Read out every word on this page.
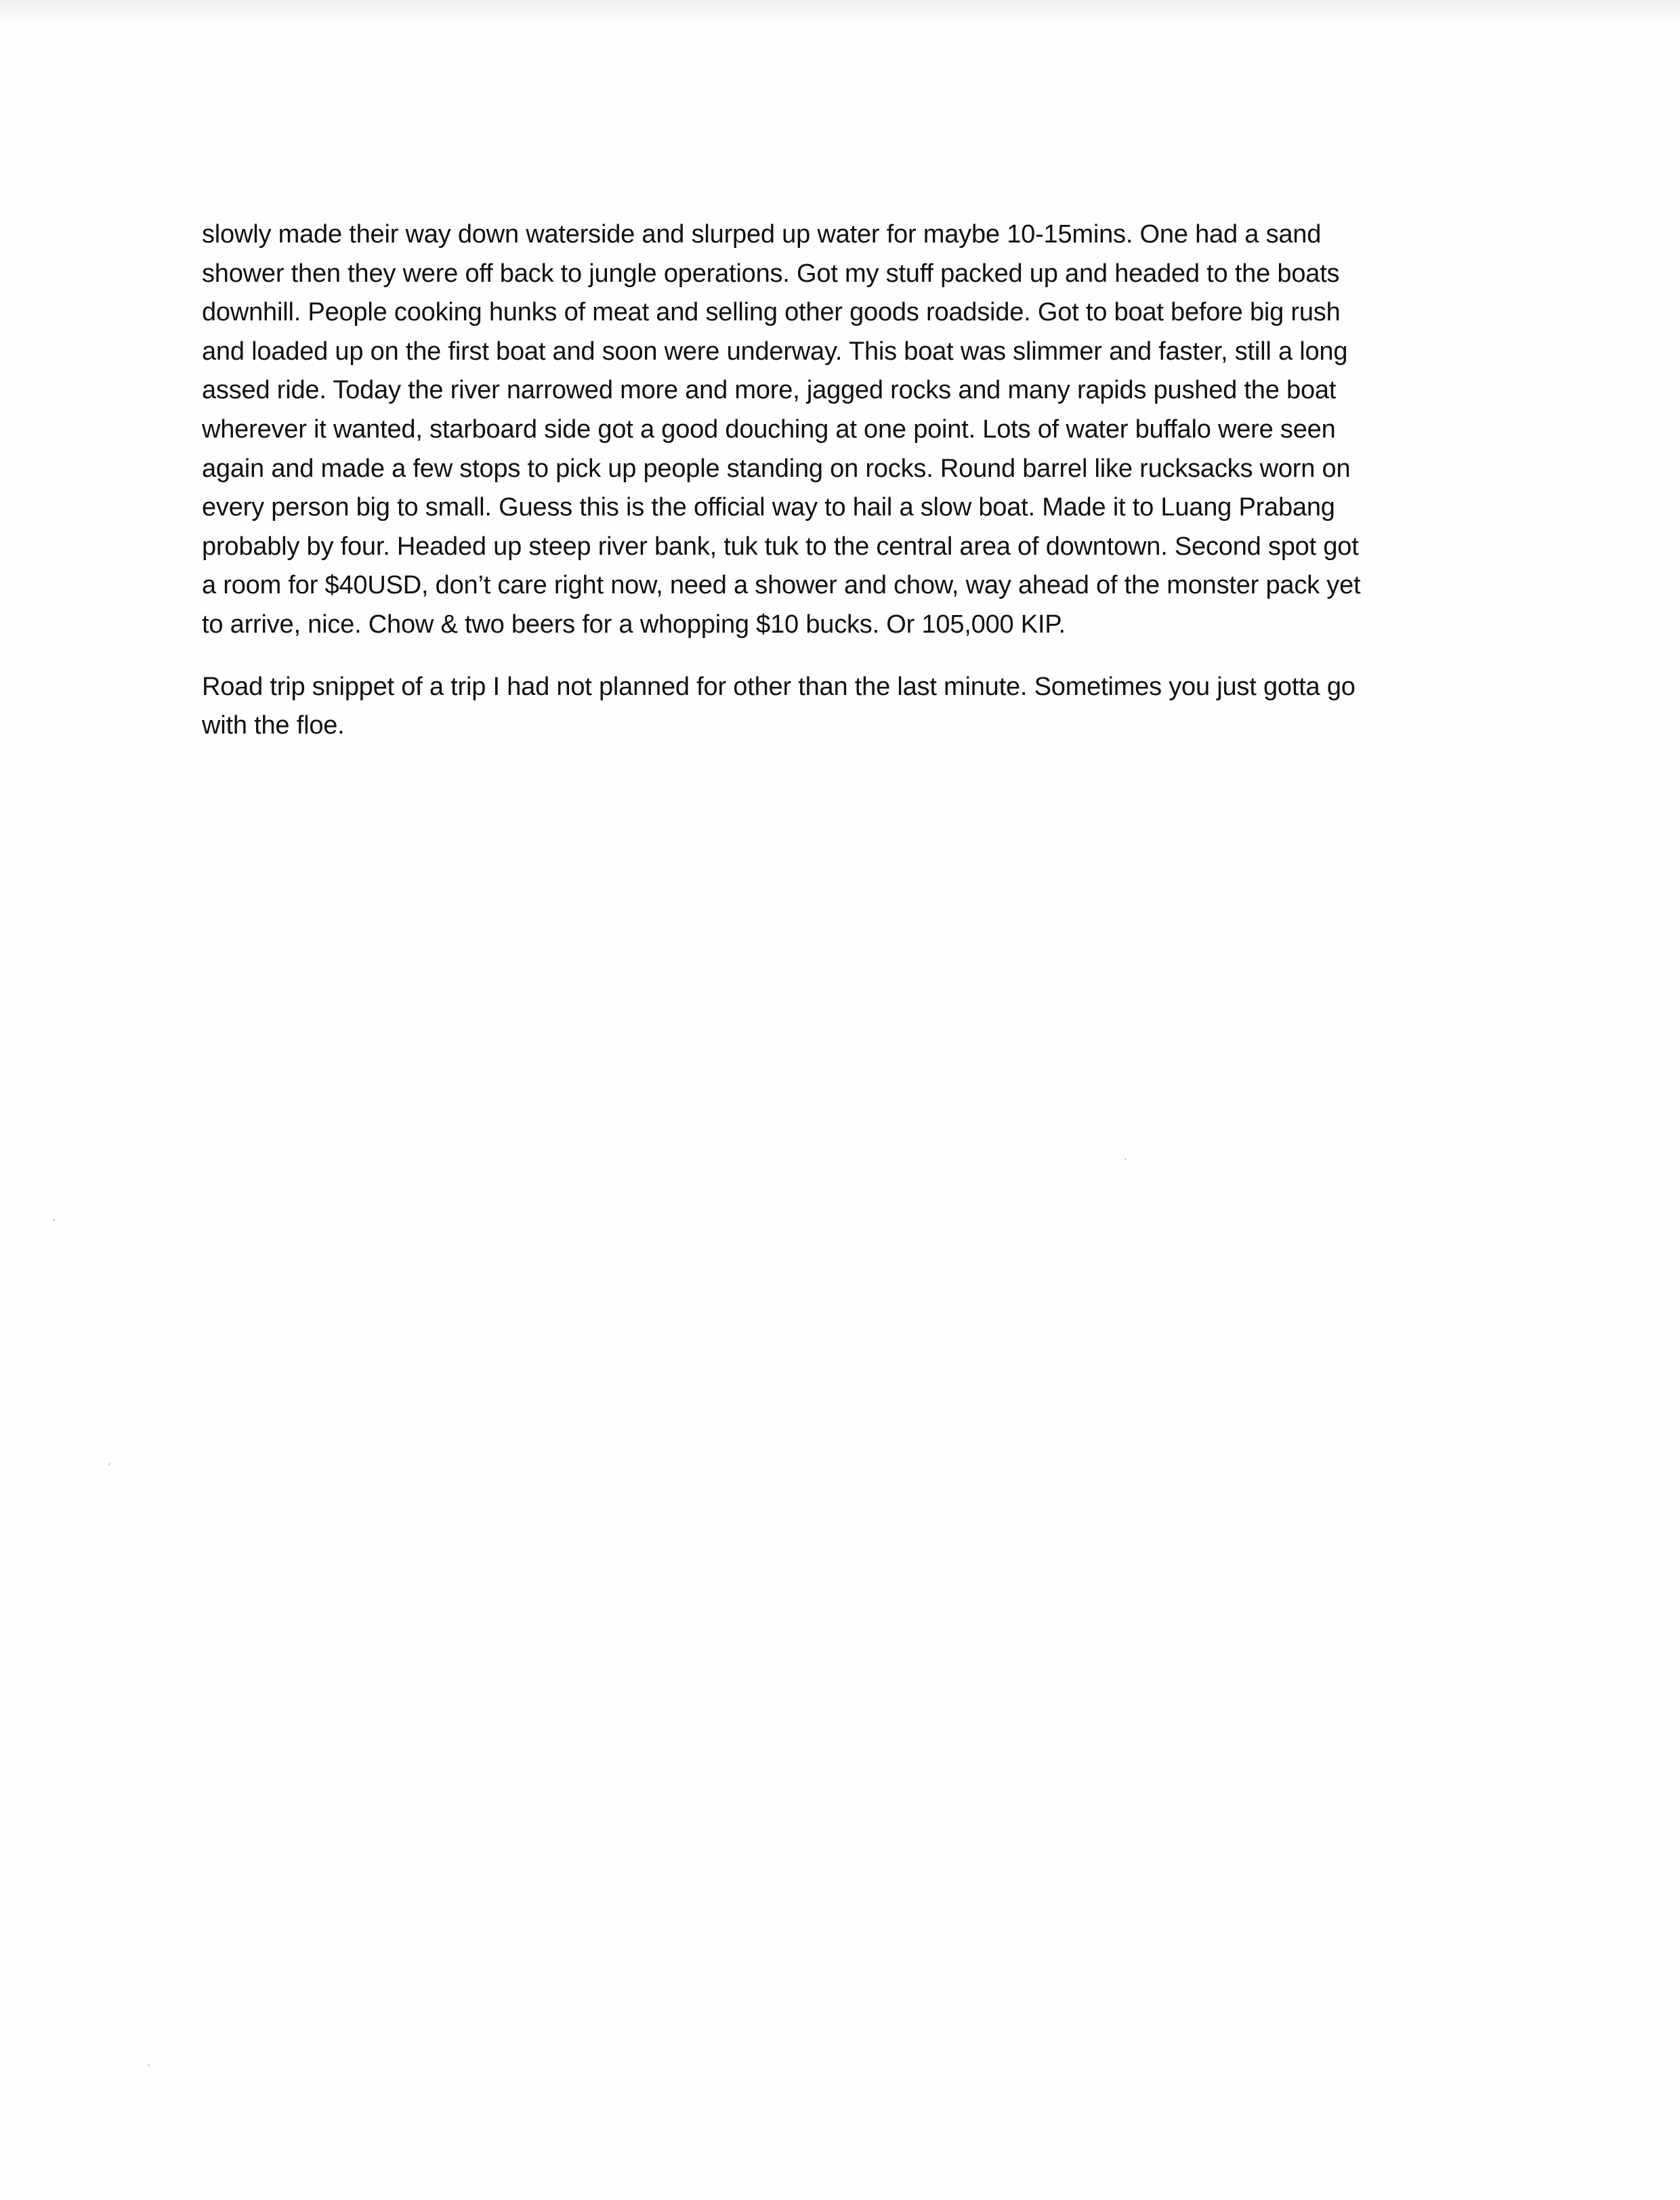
slowly made their way down waterside and slurped up water for maybe 10-15mins. One had a sand
shower then they were off back to jungle operations. Got my stuff packed up and headed to the boats
downhill. People cooking hunks of meat and selling other goods roadside. Got to boat before big rush
and loaded up on the first boat and soon were underway. This boat was slimmer and faster, still a long
assed ride. Today the river narrowed more and more, jagged rocks and many rapids pushed the boat
wherever it wanted, starboard side got a good douching at one point. Lots of water buffalo were seen
again and made a few stops to pick up people standing on rocks. Round barrel like rucksacks worn on
every person big to small. Guess this is the official way to hail a slow boat. Made it to Luang Prabang
probably by four. Headed up steep river bank, tuk tuk to the central area of downtown. Second spot got
a room for $40USD, don’t care right now, need a shower and chow, way ahead of the monster pack yet
to arrive, nice. Chow & two beers for a whopping $10 bucks. Or 105,000 KIP.

Road trip snippet of a trip I had not planned for other than the last minute. Sometimes you just gotta go
with the floe.
